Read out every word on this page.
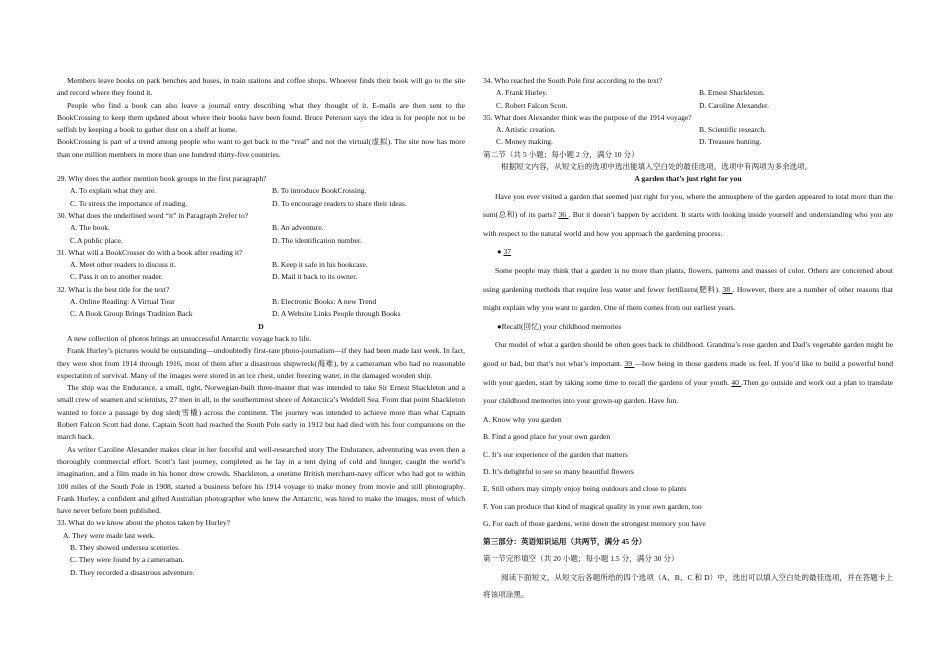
Members leave books on park benches and buses, in train stations and coffee shops. Whoever finds their book will go to the site and record where they found it.

People who find a book can also leave a journal entry describing what they thought of it. E-mails are then sent to the BookCrossing to keep them updated about where their books have been found. Bruce Peterson says the idea is for people not to be selfish by keeping a book to gather dust on a shelf at home.

BookCrossing is part of a trend among people who want to get back to the “real” and not the virtual(虚拟). The site now has more than one million members in more than one hundred thirty-five countries.

29. Why does the author mention book groups in the first paragraph?
A. To explain what they are.	B. To introduce BookCrossing.
C. To stress the importance of reading.	D. To encourage readers to share their ideas.
30. What does the underlined word “it” in Paragraph 2refer to?
A. The book.	B. An adventure.
C.A public place.	D. The identification number.
31. What will a BookCrosser do with a book after reading it?
A. Meet other readers to discuss it.	B. Keep it safe in his bookcase.
C. Pass it on to another reader.	D. Mail it back to its owner.
32. What is the best title for the text?
A. Online Reading: A Virtual Tour	B. Electronic Books: A new Trend
C. A Book Group Brings Tradition Back	D. A Website Links People through Books
D

A new collection of photos brings an unsuccessful Antarctic voyage back to life.

Frank Hurley’s pictures would be outstanding—undoubtedly first-rate photo-journalism—if they had been made last week. In fact, they were shot from 1914 through 1916, most of them after a disastrous shipwreck(海难), by a cameraman who had no reasonable expectation of survival. Many of the images were stored in an ice chest, under freezing water, in the damaged wooden ship.

The ship was the Endurance, a small, tight, Norwegian-built three-master that was intended to take Sir Ernest Shackleton and a small crew of seamen and scientists, 27 men in all, to the southernmost shore of Antarctica’s Weddell Sea. From that point Shackleton wanted to force a passage by dog sled(雪橇) across the continent. The journey was intended to achieve more than what Captain Robert Falcon Scott had done. Captain Scott had reached the South Pole early in 1912 but had died with his four companions on the march back.

As writer Caroline Alexander makes clear in her forceful and well-researched story The Endurance, adventuring was even then a thoroughly commercial effort. Scott’s last journey, completed as he lay in a tent dying of cold and hunger, caught the world’s imagination, and a film made in his honor drew crowds. Shackleton, a onetime British merchant-navy officer who had got to within 100 miles of the South Pole in 1908, started a business before his 1914 voyage to make money from movie and still photography. Frank Hurley, a confident and gifted Australian photographer who knew the Antarctic, was hired to make the images, most of which have never before been published.

33. What do we know about the photos taken by Hurley?
A. They were made last week.
B. They showed undersea sceneries.
C. They were found by a cameraman.
D. They recorded a disastrous adventure.
34. Who reached the South Pole first according to the text?
A. Frank Hurley.	B. Ernest Shackleton.
C. Robert Falcon Scott.	D. Caroline Alexander.
35. What does Alexander think was the purpose of the 1914 voyage?
A. Artistic creation.	B. Scientific research.
C. Money making.	D. Treasure hunting.
第二节（共 5 小题；每小题 2 分，满分 10 分）
根据短文内容，从短文后的选项中选出能填入空白处的最佳选项。选项中有两项为多余选项。
A garden that’s just right for you

Have you ever visited a garden that seemed just right for you, where the atmosphere of the garden appeared to total more than the sum(总和) of its parts? 36 . But it doesn’t happen by accident. It starts with looking inside yourself and understanding who you are with respect to the natural world and how you approach the gardening process.

● 37

Some people may think that a garden is no more than plants, flowers, patterns and masses of color. Others are concerned about using gardening methods that require less water and fewer fertilizers(肥料). 38 . However, there are a number of other reasons that might explain why you want to garden. One of them comes from our earliest years.

●Recall(回忆) your childhood memories

Our model of what a garden should be often goes back to childhood. Grandma’s rose garden and Dad’s vegetable garden might be good or bad, but that’s not what’s important. 39 —how being in those gardens made us feel. If you’d like to build a powerful bond with your garden, start by taking some time to recall the gardens of your youth. 40 .Then go outside and work out a plan to translate your childhood memories into your grown-up garden. Have fun.

A. Know why you garden
B. Find a good place for your own garden
C. It’s our experience of the garden that matters
D. It’s delightful to see so many beautiful flowers
E. Still others may simply enjoy being outdoors and close to plants
F. You can produce that kind of magical quality in your own garden, too
G. For each of those gardens, write down the strongest memory you have
第三部分：英语知识运用（共两节，满分 45 分）
第一节完形填空（共 20 小题；每小题 1.5 分，满分 30 分）

阅读下面短文，从短文后各题所给的四个选项（A、B、C 和 D）中，选出可以填入空白处的最佳选项，并在答题卡上将该项涂黑。
